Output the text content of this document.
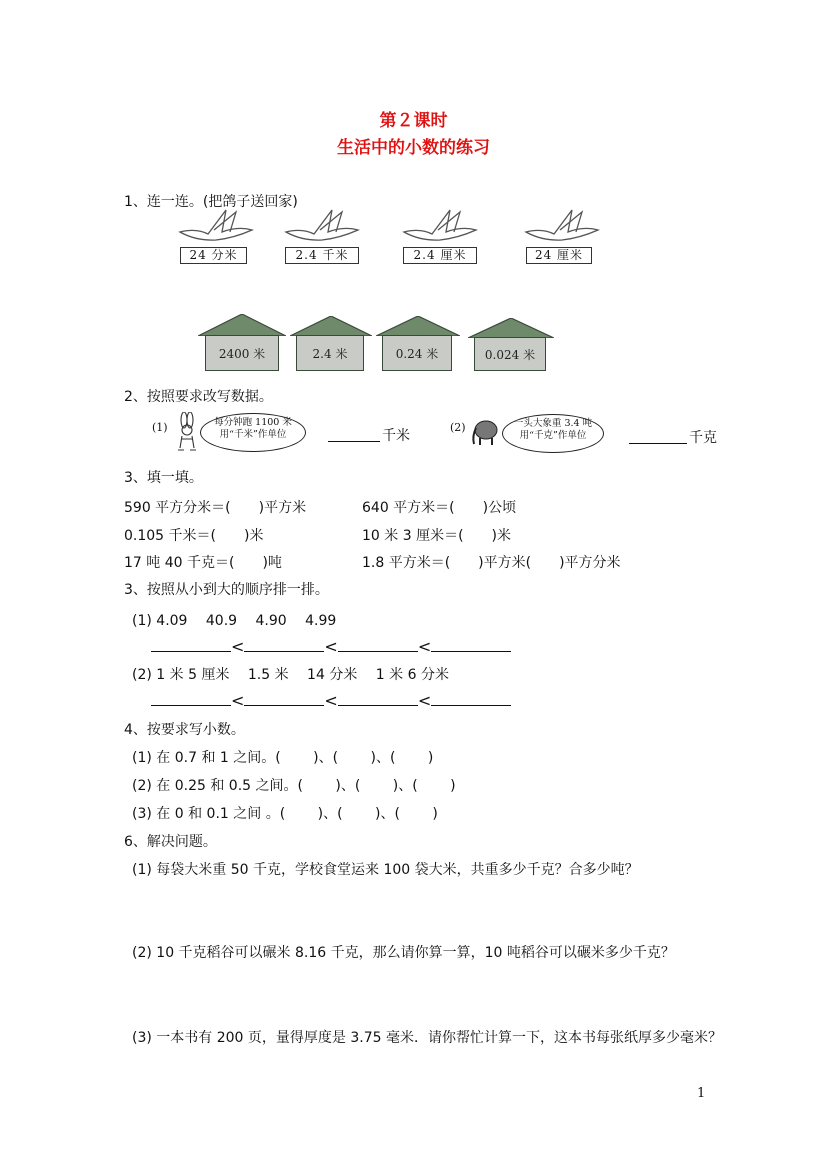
第２课时
生活中的小数的练习
1、连一连。(把鸽子送回家)
24 分米	2.4 千米	2.4 厘米	24 厘米
2400 米	2.4 米	0.24 米	0.024 米
2、按照要求改写数据。
(1)	每分钟跑 1100 米
用“千米”作单位	千米
(2)	一头大象重 3.4 吨
用“千克”作单位	千克
3、填一填。
590 平方分米＝(　　)平方米	640 平方米＝(　　)公顷
0.105 千米＝(　　)米	10 米 3 厘米＝(　　)米
17 吨 40 千克＝(　　)吨	1.8 平方米＝(　　)平方米(　　)平方分米
3、按照从小到大的顺序排一排。
(1) 4.09　 40.9　 4.90　 4.99
<	<	<
(2) 1 米 5 厘米　 1.5 米　 14 分米　 1 米 6 分米
<	<	<
4、按要求写小数。
(1) 在 0.7 和 1 之间。(　　 )、(　　 )、(　　 )
(2) 在 0.25 和 0.5 之间。(　　 )、(　　 )、(　　 )
(3) 在 0 和 0.1 之间 。(　　 )、(　　 )、(　　 )
6、解决问题。
(1) 每袋大米重 50 千克，学校食堂运来 100 袋大米，共重多少千克？合多少吨？
(2) 10 千克稻谷可以碾米 8.16 千克，那么请你算一算，10 吨稻谷可以碾米多少千克？
(3) 一本书有 200 页，量得厚度是 3.75 毫米．请你帮忙计算一下，这本书每张纸厚多少毫米？
1
